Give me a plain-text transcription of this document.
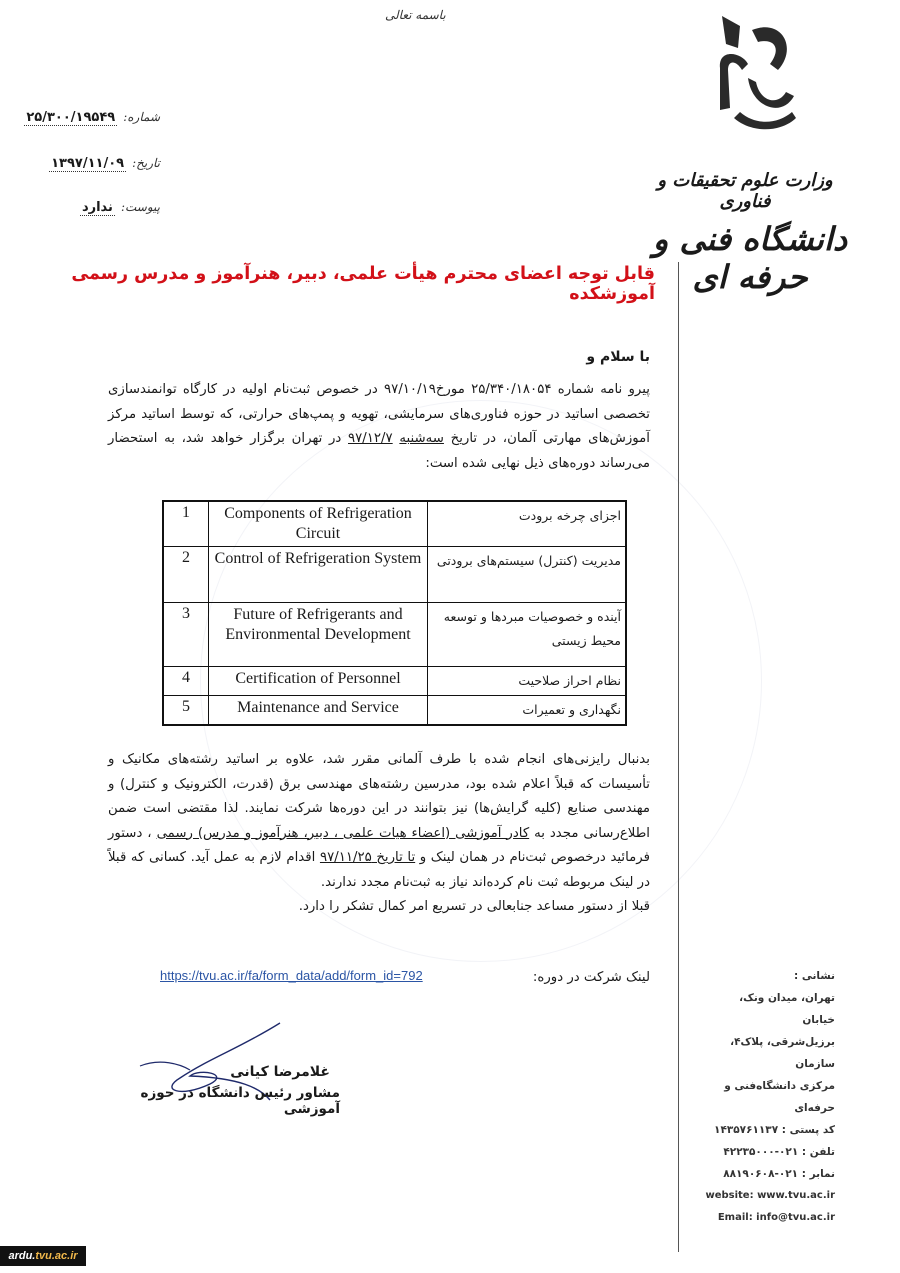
باسمه تعالی
وزارت علوم تحقیقات و فناوری
دانشگاه فنی و حرفه ای
شماره:
۲۵/۳۰۰/۱۹۵۴۹
تاریخ:
۱۳۹۷/۱۱/۰۹
پیوست:
ندارد
قابل توجه اعضای محترم هیأت علمی، دبیر، هنرآموز و مدرس رسمی آموزشکده
با سلام و
پیرو نامه شماره ۲۵/۳۴۰/۱۸۰۵۴ مورخ۹۷/۱۰/۱۹ در خصوص ثبت‌نام اولیه در کارگاه توانمندسازی تخصصی اساتید در حوزه فناوری‌های سرمایشی، تهویه و پمپ‌های حرارتی، که توسط اساتید مرکز آموزش‌های مهارتی آلمان، در تاریخ سه‌شنبه ۹۷/۱۲/۷ در تهران برگزار خواهد شد، به استحضار می‌رساند دوره‌های ذیل نهایی شده است:
1	Components of Refrigeration Circuit	اجزای چرخه برودت
2	Control of Refrigeration System	مدیریت (کنترل) سیستم‌های برودتی
3	Future of Refrigerants and Environmental Development	آینده و خصوصیات مبردها و توسعه محیط زیستی
4	Certification of Personnel	نظام احراز صلاحیت
5	Maintenance and Service	نگهداری و تعمیرات
بدنبال رایزنی‌های انجام شده با طرف آلمانی مقرر شد، علاوه بر اساتید رشته‌های مکانیک و تأسیسات که قبلاً اعلام شده بود، مدرسین رشته‌های مهندسی برق (قدرت، الکترونیک و کنترل) و مهندسی صنایع (کلیه گرایش‌ها) نیز بتوانند در این دوره‌ها شرکت نمایند. لذا مقتضی است ضمن اطلاع‌رسانی مجدد به کادر آموزشی (اعضاء هیات علمی ، دبیر، هنرآموز و مدرس) رسمی ، دستور فرمائید درخصوص ثبت‌نام در همان لینک و تا تاریخ ۹۷/۱۱/۲۵ اقدام لازم به عمل آید. کسانی که قبلاً در لینک مربوطه ثبت نام کرده‌اند نیاز به ثبت‌نام مجدد ندارند.
قبلا از دستور مساعد جنابعالی در تسریع امر کمال تشکر را دارد.
لینک شرکت در دوره:
https://tvu.ac.ir/fa/form_data/add/form_id=792
غلامرضا کیانی
مشاور رئیس دانشگاه در حوزه آموزشی
نشانی :
تهران، میدان ونک، خیابان
برزیل‌شرقی، پلاک۴، سازمان
مرکزی دانشگاه‌فنی و حرفه‌ای
کد پستی : ۱۴۳۵۷۶۱۱۳۷
تلفن : ۰۲۱-۴۲۲۳۵۰۰۰
نمابر : ۰۲۱-۸۸۱۹۰۶۰۸
website: www.tvu.ac.ir
Email: info@tvu.ac.ir
ardu.tvu.ac.ir
